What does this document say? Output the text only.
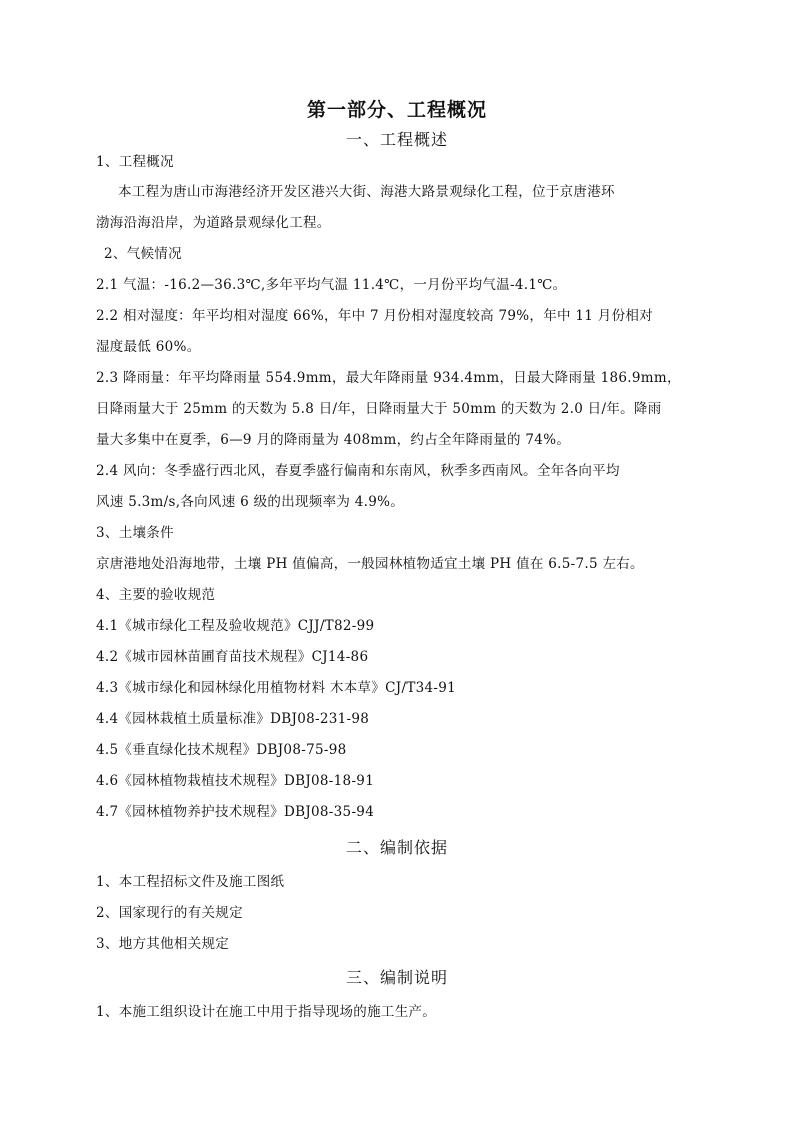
第一部分、工程概况
一、工程概述
1、工程概况
本工程为唐山市海港经济开发区港兴大街、海港大路景观绿化工程，位于京唐港环
渤海沿海沿岸，为道路景观绿化工程。
2、气候情况
2.1 气温：-16.2—36.3℃,多年平均气温 11.4℃，一月份平均气温-4.1℃。
2.2 相对湿度：年平均相对湿度 66%，年中 7 月份相对湿度较高 79%，年中 11 月份相对
湿度最低 60%。
2.3 降雨量：年平均降雨量 554.9mm，最大年降雨量 934.4mm，日最大降雨量 186.9mm，
日降雨量大于 25mm 的天数为 5.8 日/年，日降雨量大于 50mm 的天数为 2.0 日/年。降雨
量大多集中在夏季，6—9 月的降雨量为 408mm，约占全年降雨量的 74%。
2.4 风向：冬季盛行西北风，春夏季盛行偏南和东南风，秋季多西南风。全年各向平均
风速 5.3m/s,各向风速 6 级的出现频率为 4.9%。
3、土壤条件
京唐港地处沿海地带，土壤 PH 值偏高，一般园林植物适宜土壤 PH 值在 6.5-7.5 左右。
4、主要的验收规范
4.1《城市绿化工程及验收规范》CJJ/T82-99
4.2《城市园林苗圃育苗技术规程》CJ14-86
4.3《城市绿化和园林绿化用植物材料 木本草》CJ/T34-91
4.4《园林栽植土质量标准》DBJ08-231-98
4.5《垂直绿化技术规程》DBJ08-75-98
4.6《园林植物栽植技术规程》DBJ08-18-91
4.7《园林植物养护技术规程》DBJ08-35-94
二、编制依据
1、本工程招标文件及施工图纸
2、国家现行的有关规定
3、地方其他相关规定
三、编制说明
1、本施工组织设计在施工中用于指导现场的施工生产。
